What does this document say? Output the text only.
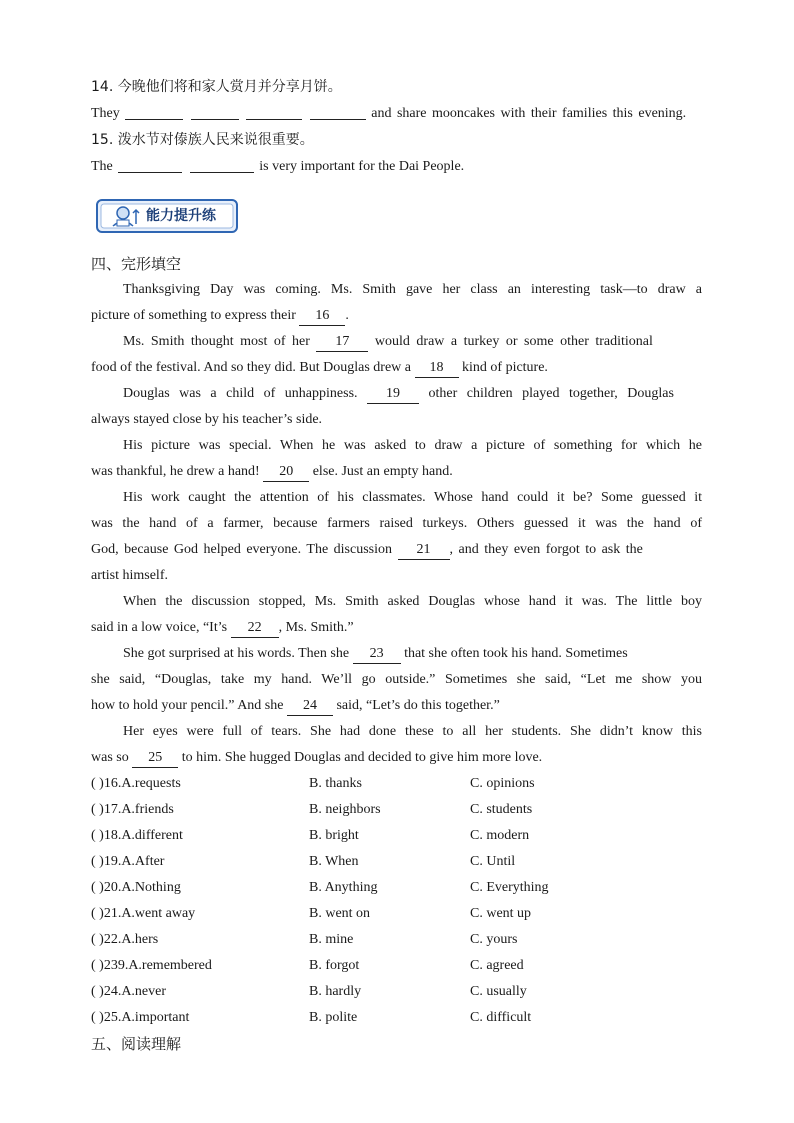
14. 今晚他们将和家人赏月并分享月饼。
They	and share mooncakes with their families this evening.
15. 泼水节对傣族人民来说很重要。
The	is very important for the Dai People.
能力提升练
四、完形填空
Thanksgiving Day was coming. Ms. Smith gave her class an interesting task—to draw a
picture of something to express their 16 .
Ms. Smith thought most of her 17 would draw a turkey or some other traditional
food of the festival. And so they did. But Douglas drew a 18 kind of picture.
Douglas was a child of unhappiness. 19 other children played together, Douglas
always stayed close by his teacher’s side.
His picture was special. When he was asked to draw a picture of something for which he
was thankful, he drew a hand! 20 else. Just an empty hand.
His work caught the attention of his classmates. Whose hand could it be? Some guessed it
was the hand of a farmer, because farmers raised turkeys. Others guessed it was the hand of
God, because God helped everyone. The discussion 21 , and they even forgot to ask the
artist himself.
When the discussion stopped, Ms. Smith asked Douglas whose hand it was. The little boy
said in a low voice, “It’s 22 , Ms. Smith.”
She got surprised at his words. Then she 23 that she often took his hand. Sometimes
she said, “Douglas, take my hand. We’ll go outside.” Sometimes she said, “Let me show you
how to hold your pencil.” And she 24 said, “Let’s do this together.”
Her eyes were full of tears. She had done these to all her students. She didn’t know this
was so 25 to him. She hugged Douglas and decided to give him more love.
( )16.A.requests	B. thanks	C. opinions
( )17.A.friends	B. neighbors	C. students
( )18.A.different	B. bright	C. modern
( )19.A.After	B. When	C. Until
( )20.A.Nothing	B. Anything	C. Everything
( )21.A.went away	B. went on	C. went up
( )22.A.hers	B. mine	C. yours
( )239.A.remembered	B. forgot	C. agreed
( )24.A.never	B. hardly	C. usually
( )25.A.important	B. polite	C. difficult
五、阅读理解
